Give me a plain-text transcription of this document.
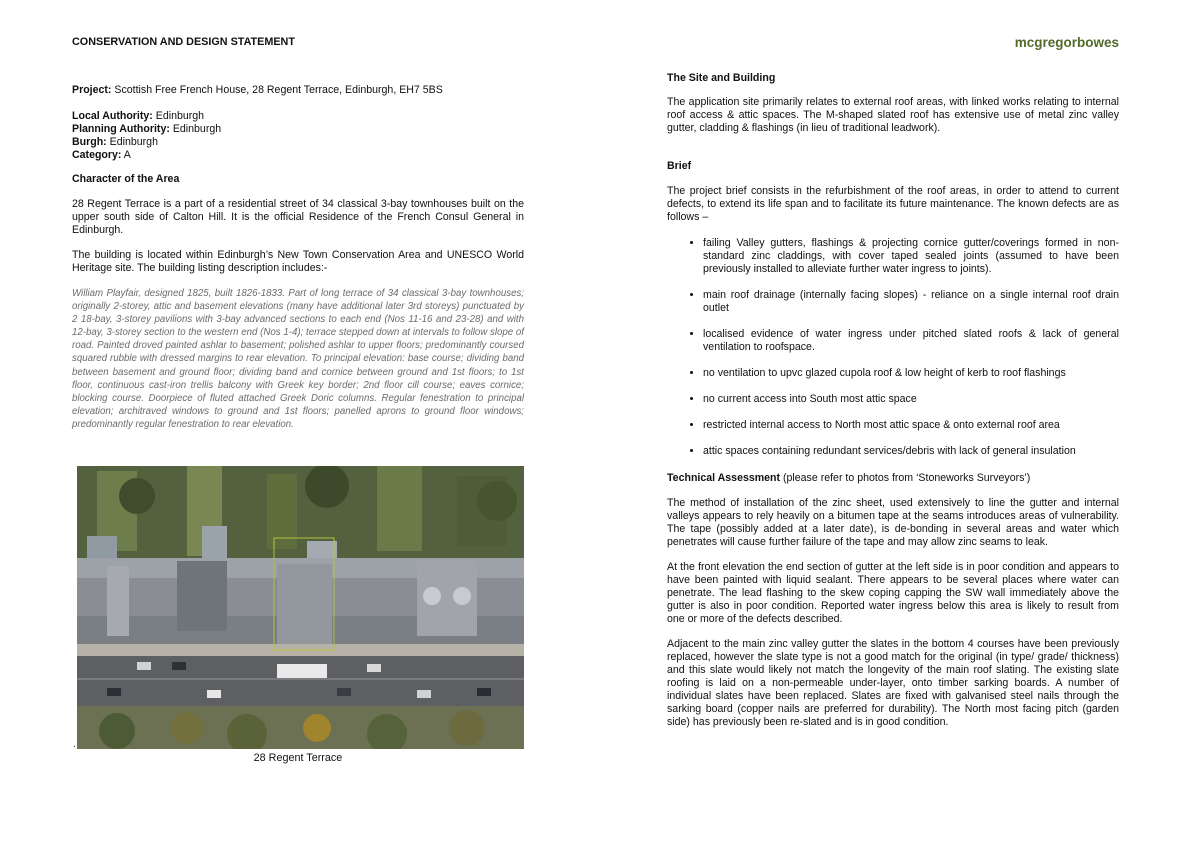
mcgregorbowes
CONSERVATION AND DESIGN STATEMENT
Project: Scottish Free French House, 28 Regent Terrace, Edinburgh, EH7 5BS
Local Authority: Edinburgh
Planning Authority: Edinburgh
Burgh: Edinburgh
Category: A
Character of the Area

28 Regent Terrace is a part of a residential street of 34 classical 3-bay townhouses built on the upper south side of Calton Hill. It is the official Residence of the French Consul General in Edinburgh.

The building is located within Edinburgh’s New Town Conservation Area and UNESCO World Heritage site. The building listing description includes:-

William Playfair, designed 1825, built 1826-1833. Part of long terrace of 34 classical 3-bay townhouses; originally 2-storey, attic and basement elevations (many have additional later 3rd storeys) punctuated by 2 18-bay, 3-storey pavilions with 3-bay advanced sections to each end (Nos 11-16 and 23-28) and with 12-bay, 3-storey section to the western end (Nos 1-4); terrace stepped down at intervals to follow slope of road. Painted droved painted ashlar to basement; polished ashlar to upper floors; predominantly coursed squared rubble with dressed margins to rear elevation. To principal elevation: base course; dividing band between basement and ground floor; dividing band and cornice between ground and 1st floors; to 1st floor, continuous cast-iron trellis balcony with Greek key border; 2nd floor cill course; eaves cornice; blocking course. Doorpiece of fluted attached Greek Doric columns. Regular fenestration to principal elevation; architraved windows to ground and 1st floors; panelled aprons to ground floor windows; predominantly regular fenestration to rear elevation.

.
28 Regent Terrace
The Site and Building

The application site primarily relates to external roof areas, with linked works relating to internal roof access & attic spaces. The M-shaped slated roof has extensive use of metal zinc valley gutter, cladding & flashings (in lieu of traditional leadwork).

Brief

The project brief consists in the refurbishment of the roof areas, in order to attend to current defects, to extend its life span and to facilitate its future maintenance. The known defects are as follows –

• failing Valley gutters, flashings & projecting cornice gutter/coverings formed in non-standard zinc claddings, with cover taped sealed joints (assumed to have been previously installed to alleviate further water ingress to joints).
• main roof drainage (internally facing slopes) - reliance on a single internal roof drain outlet
• localised evidence of water ingress under pitched slated roofs & lack of general ventilation to roofspace.
• no ventilation to upvc glazed cupola roof & low height of kerb to roof flashings
• no current access into South most attic space
• restricted internal access to North most attic space & onto external roof area
• attic spaces containing redundant services/debris with lack of general insulation
Technical Assessment (please refer to photos from ‘Stoneworks Surveyors’)

The method of installation of the zinc sheet, used extensively to line the gutter and internal valleys appears to rely heavily on a bitumen tape at the seams introduces areas of vulnerability. The tape (possibly added at a later date), is de-bonding in several areas and water which penetrates will cause further failure of the tape and may allow zinc seams to leak.

At the front elevation the end section of gutter at the left side is in poor condition and appears to have been painted with liquid sealant. There appears to be several places where water can penetrate. The lead flashing to the skew coping capping the SW wall immediately above the gutter is also in poor condition. Reported water ingress below this area is likely to result from one or more of the defects described.

Adjacent to the main zinc valley gutter the slates in the bottom 4 courses have been previously replaced, however the slate type is not a good match for the original (in type/ grade/ thickness) and this slate would likely not match the longevity of the main roof slating. The existing slate roofing is laid on a non-permeable under-layer, onto timber sarking boards. A number of individual slates have been replaced. Slates are fixed with galvanised steel nails through the sarking board (copper nails are preferred for durability). The North most facing pitch (garden side) has previously been re-slated and is in good condition.
